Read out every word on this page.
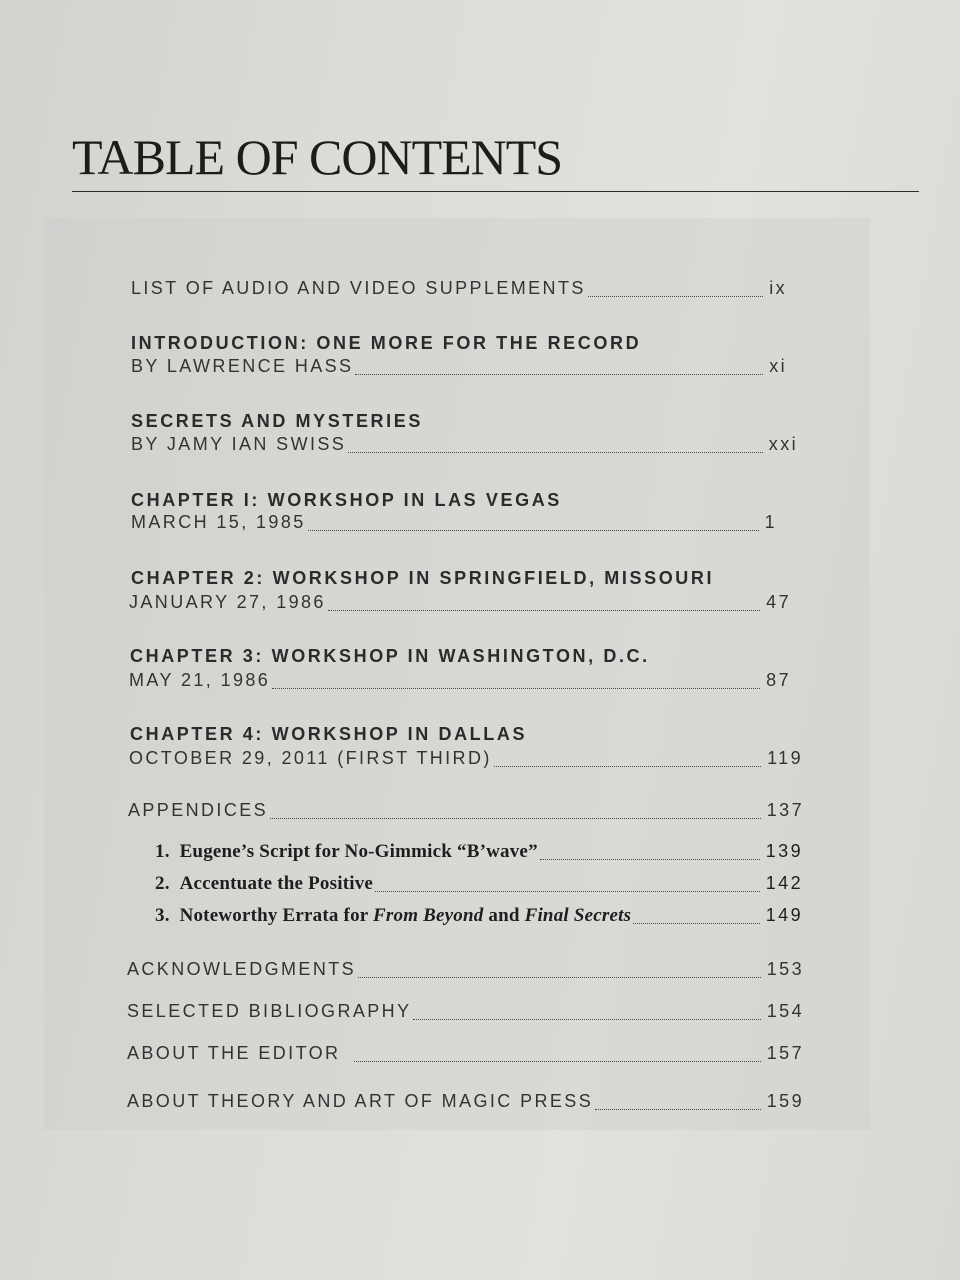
TABLE OF CONTENTS
LIST OF AUDIO AND VIDEO SUPPLEMENTS	ix
INTRODUCTION: ONE MORE FOR THE RECORD
BY LAWRENCE HASS	xi
SECRETS AND MYSTERIES
BY JAMY IAN SWISS	xxi
CHAPTER I: WORKSHOP IN LAS VEGAS
MARCH 15, 1985	1
CHAPTER 2: WORKSHOP IN SPRINGFIELD, MISSOURI
JANUARY 27, 1986	47
CHAPTER 3: WORKSHOP IN WASHINGTON, D.C.
MAY 21, 1986	87
CHAPTER 4: WORKSHOP IN DALLAS
OCTOBER 29, 2011 (FIRST THIRD)	119
APPENDICES	137
1. Eugene’s Script for No-Gimmick “B’wave”	139
2. Accentuate the Positive	142
3. Noteworthy Errata for From Beyond and Final Secrets	149
ACKNOWLEDGMENTS	153
SELECTED BIBLIOGRAPHY	154
ABOUT THE EDITOR	157
ABOUT THEORY AND ART OF MAGIC PRESS	159
